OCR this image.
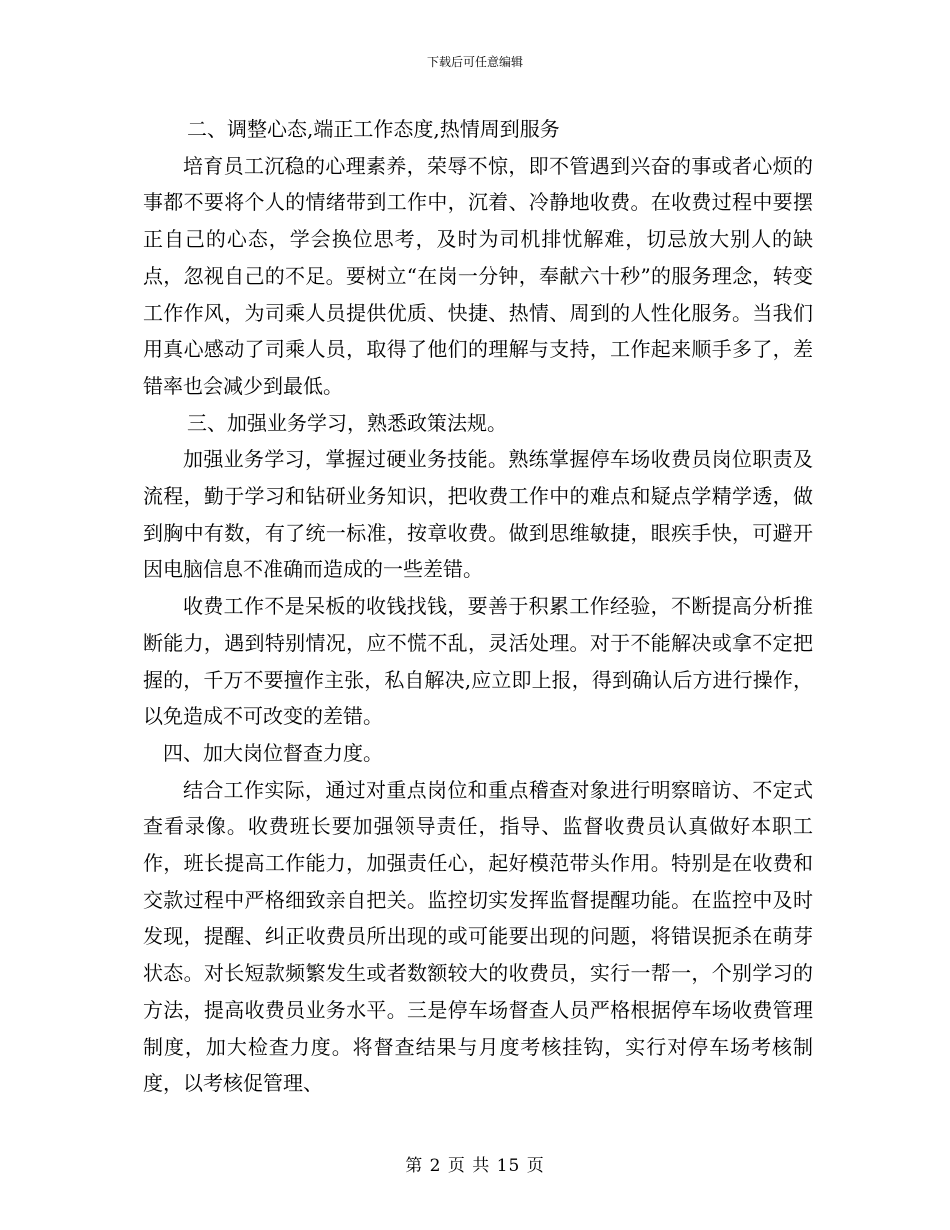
下载后可任意编辑

二、调整心态,端正工作态度,热情周到服务

培育员工沉稳的心理素养，荣辱不惊，即不管遇到兴奋的事或者心烦的事都不要将个人的情绪带到工作中，沉着、冷静地收费。在收费过程中要摆正自己的心态，学会换位思考，及时为司机排忧解难，切忌放大别人的缺点，忽视自己的不足。要树立“在岗一分钟，奉献六十秒”的服务理念，转变工作作风，为司乘人员提供优质、快捷、热情、周到的人性化服务。当我们用真心感动了司乘人员，取得了他们的理解与支持，工作起来顺手多了，差错率也会减少到最低。

三、加强业务学习，熟悉政策法规。

加强业务学习，掌握过硬业务技能。熟练掌握停车场收费员岗位职责及流程，勤于学习和钻研业务知识，把收费工作中的难点和疑点学精学透，做到胸中有数，有了统一标准，按章收费。做到思维敏捷，眼疾手快，可避开因电脑信息不准确而造成的一些差错。

收费工作不是呆板的收钱找钱，要善于积累工作经验，不断提高分析推断能力，遇到特别情况，应不慌不乱，灵活处理。对于不能解决或拿不定把握的，千万不要擅作主张，私自解决,应立即上报，得到确认后方进行操作，以免造成不可改变的差错。

四、加大岗位督查力度。

结合工作实际，通过对重点岗位和重点稽查对象进行明察暗访、不定式查看录像。收费班长要加强领导责任，指导、监督收费员认真做好本职工作，班长提高工作能力，加强责任心，起好模范带头作用。特别是在收费和交款过程中严格细致亲自把关。监控切实发挥监督提醒功能。在监控中及时发现，提醒、纠正收费员所出现的或可能要出现的问题，将错误扼杀在萌芽状态。对长短款频繁发生或者数额较大的收费员，实行一帮一，个别学习的方法，提高收费员业务水平。三是停车场督查人员严格根据停车场收费管理制度，加大检查力度。将督查结果与月度考核挂钩，实行对停车场考核制度，以考核促管理、

第 2 页 共 15 页
